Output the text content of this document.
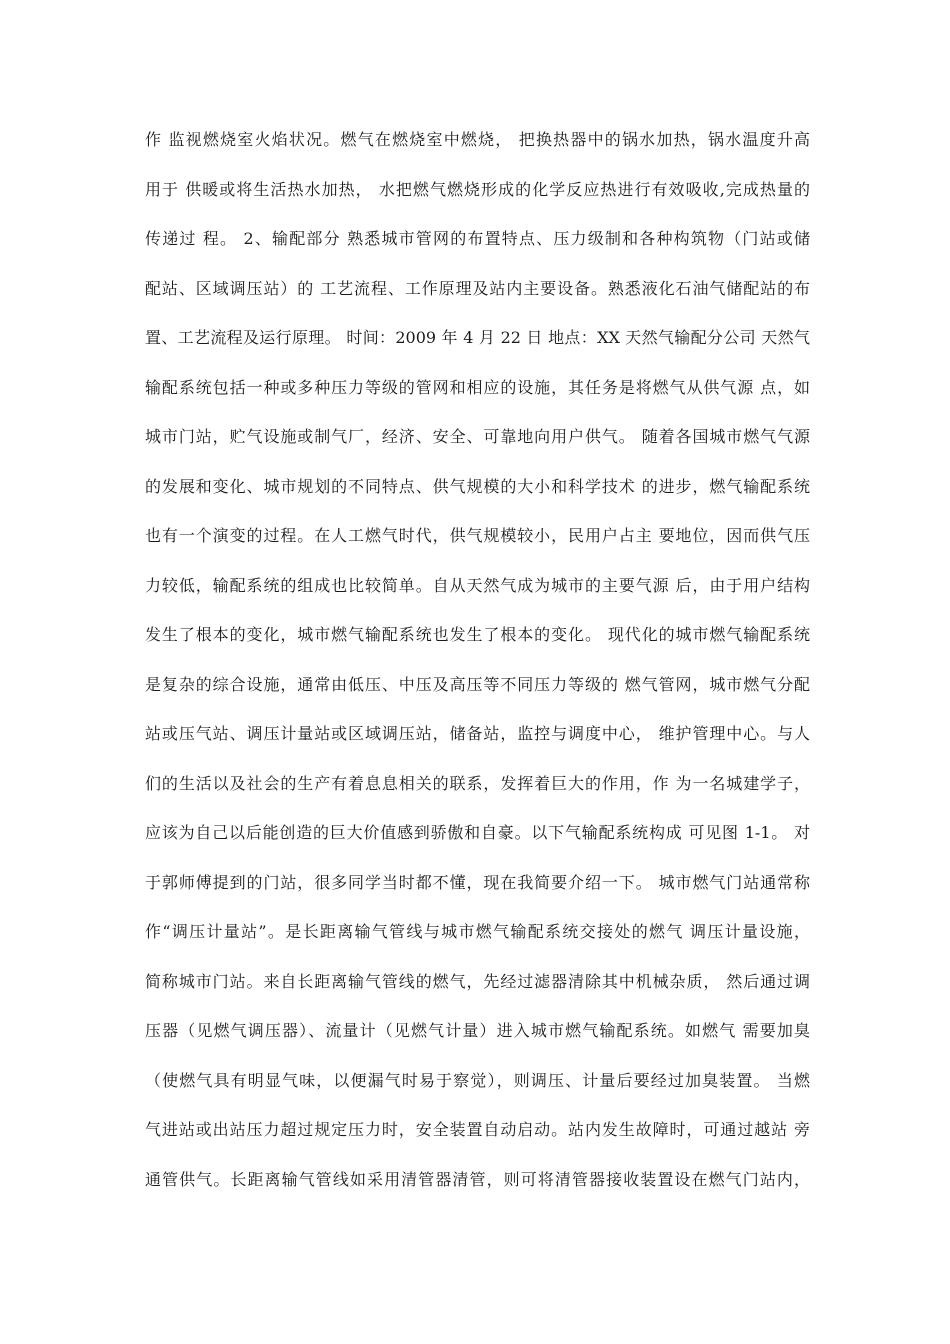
作 监视燃烧室火焰状况。燃气在燃烧室中燃烧， 把换热器中的锅水加热，锅水温度升高
用于 供暖或将生活热水加热， 水把燃气燃烧形成的化学反应热进行有效吸收,完成热量的
传递过 程。 2、输配部分 熟悉城市管网的布置特点、压力级制和各种构筑物（门站或储
配站、区域调压站）的 工艺流程、工作原理及站内主要设备。熟悉液化石油气储配站的布
置、工艺流程及运行原理。 时间：2009 年 4 月 22 日 地点：XX 天然气输配分公司 天然气
输配系统包括一种或多种压力等级的管网和相应的设施，其任务是将燃气从供气源 点，如
城市门站，贮气设施或制气厂，经济、安全、可靠地向用户供气。 随着各国城市燃气气源
的发展和变化、城市规划的不同特点、供气规模的大小和科学技术 的进步，燃气输配系统
也有一个演变的过程。在人工燃气时代，供气规模较小，民用户占主 要地位，因而供气压
力较低，输配系统的组成也比较简单。自从天然气成为城市的主要气源 后，由于用户结构
发生了根本的变化，城市燃气输配系统也发生了根本的变化。 现代化的城市燃气输配系统
是复杂的综合设施，通常由低压、中压及高压等不同压力等级的 燃气管网，城市燃气分配
站或压气站、调压计量站或区域调压站，储备站，监控与调度中心， 维护管理中心。与人
们的生活以及社会的生产有着息息相关的联系，发挥着巨大的作用，作 为一名城建学子，
应该为自己以后能创造的巨大价值感到骄傲和自豪。以下气输配系统构成 可见图 1-1。 对
于郭师傅提到的门站，很多同学当时都不懂，现在我简要介绍一下。 城市燃气门站通常称
作“调压计量站”。是长距离输气管线与城市燃气输配系统交接处的燃气 调压计量设施，
简称城市门站。来自长距离输气管线的燃气，先经过滤器清除其中机械杂质， 然后通过调
压器（见燃气调压器）、流量计（见燃气计量）进入城市燃气输配系统。如燃气 需要加臭
（使燃气具有明显气味，以便漏气时易于察觉），则调压、计量后要经过加臭装置。 当燃
气进站或出站压力超过规定压力时，安全装置自动启动。站内发生故障时，可通过越站 旁
通管供气。长距离输气管线如采用清管器清管，则可将清管器接收装置设在燃气门站内，
